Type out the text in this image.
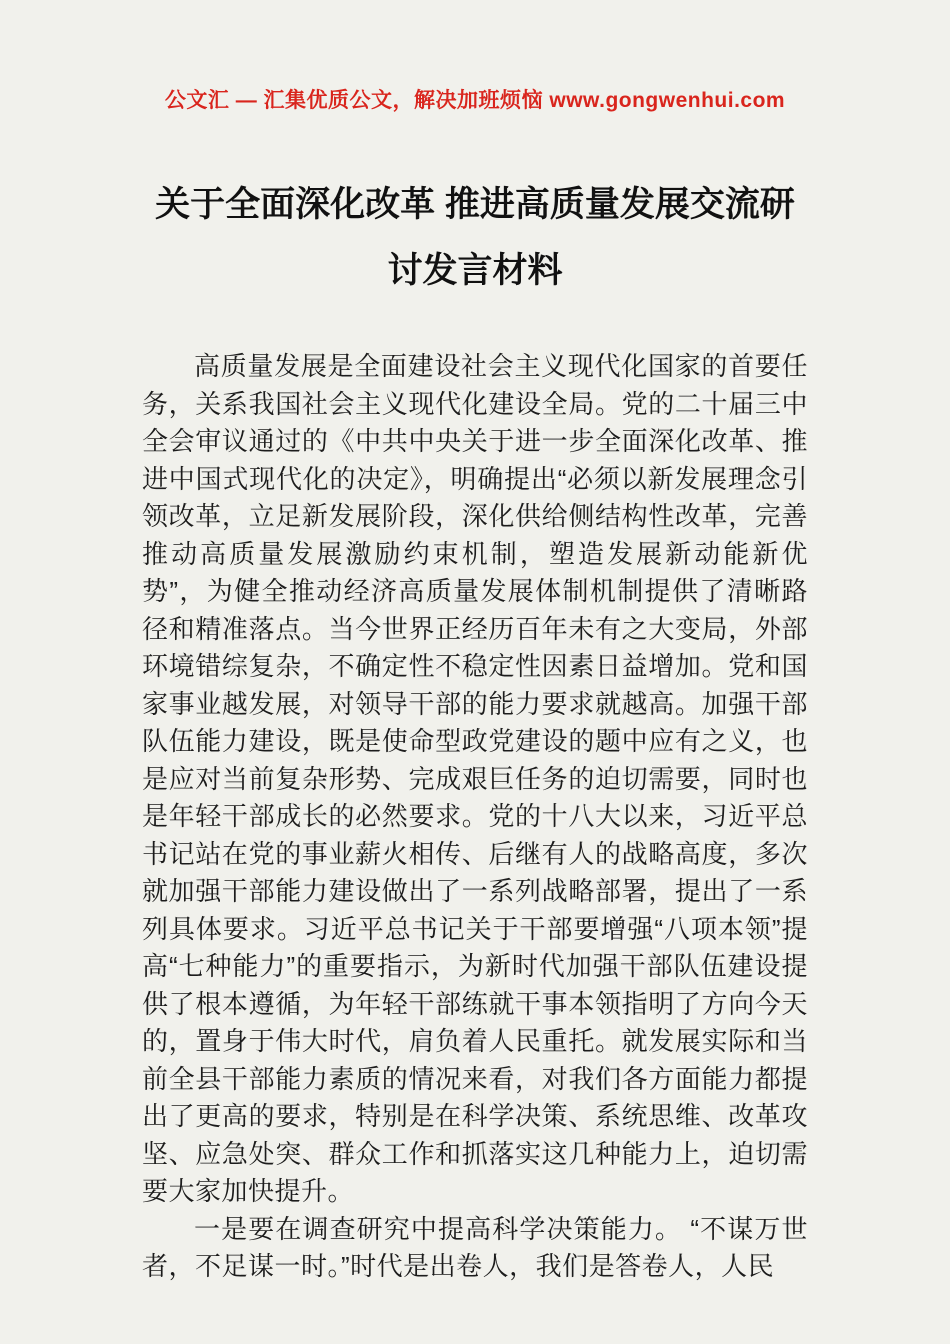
公文汇 — 汇集优质公文，解决加班烦恼 www.gongwenhui.com
关于全面深化改革 推进高质量发展交流研讨发言材料

高质量发展是全面建设社会主义现代化国家的首要任务，关系我国社会主义现代化建设全局。党的二十届三中全会审议通过的《中共中央关于进一步全面深化改革、推进中国式现代化的决定》，明确提出“必须以新发展理念引领改革，立足新发展阶段，深化供给侧结构性改革，完善推动高质量发展激励约束机制，塑造发展新动能新优势”，为健全推动经济高质量发展体制机制提供了清晰路径和精准落点。当今世界正经历百年未有之大变局，外部环境错综复杂，不确定性不稳定性因素日益增加。党和国家事业越发展，对领导干部的能力要求就越高。加强干部队伍能力建设，既是使命型政党建设的题中应有之义，也是应对当前复杂形势、完成艰巨任务的迫切需要，同时也是年轻干部成长的必然要求。党的十八大以来，习近平总书记站在党的事业薪火相传、后继有人的战略高度，多次就加强干部能力建设做出了一系列战略部署，提出了一系列具体要求。习近平总书记关于干部要增强“八项本领”提高“七种能力”的重要指示，为新时代加强干部队伍建设提供了根本遵循，为年轻干部练就干事本领指明了方向今天的，置身于伟大时代，肩负着人民重托。就发展实际和当前全县干部能力素质的情况来看，对我们各方面能力都提出了更高的要求，特别是在科学决策、系统思维、改革攻坚、应急处突、群众工作和抓落实这几种能力上，迫切需要大家加快提升。

一是要在调查研究中提高科学决策能力。 “不谋万世者，不足谋一时。”时代是出卷人，我们是答卷人，人民
